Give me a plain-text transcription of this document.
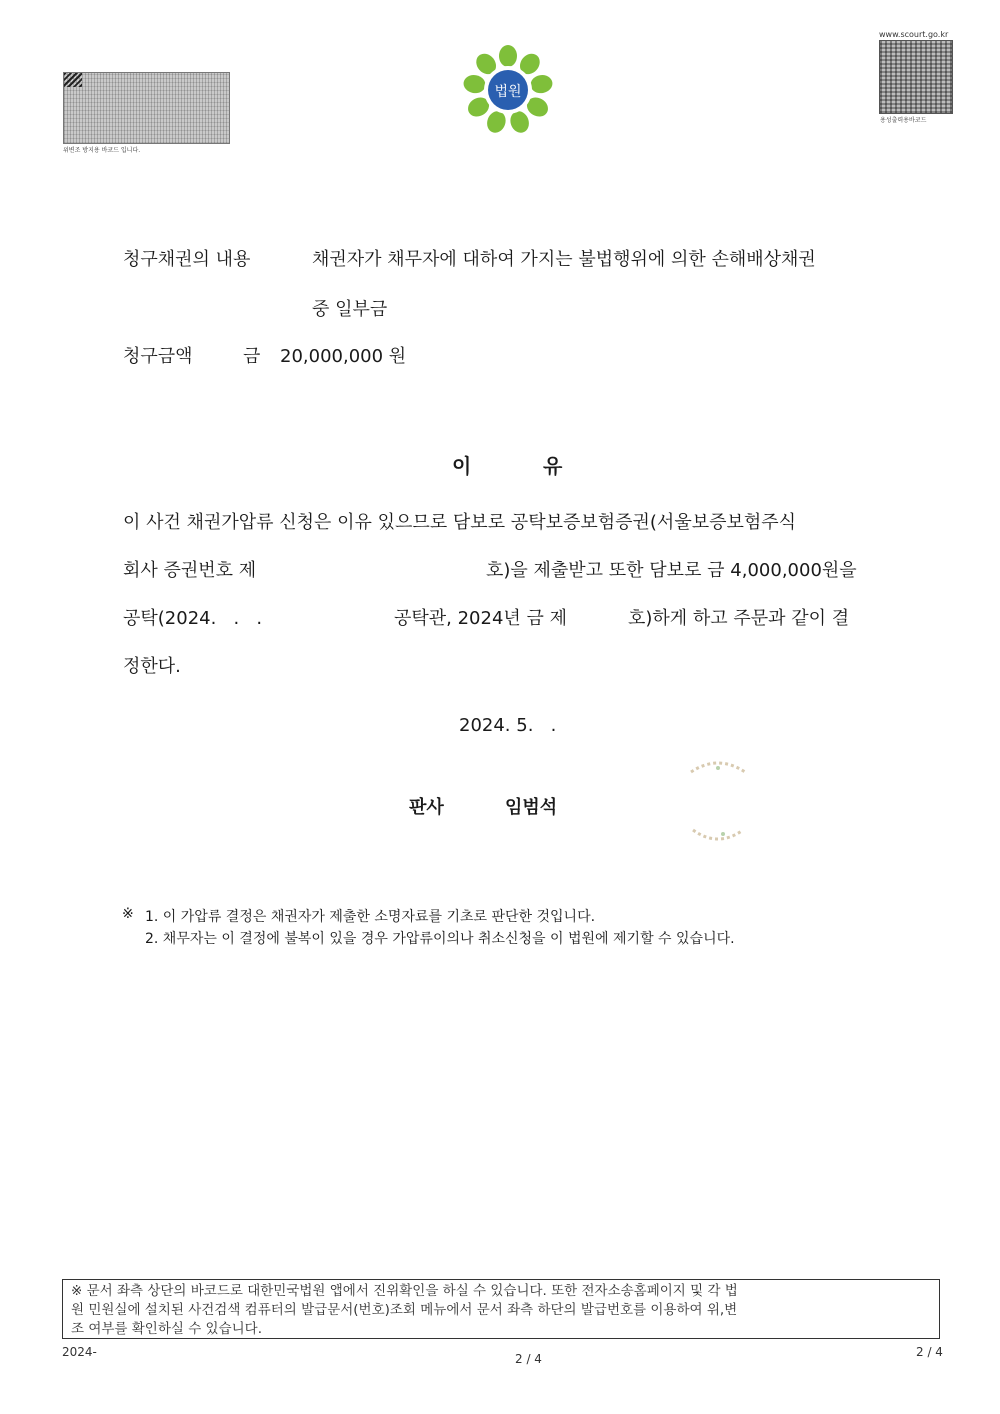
위변조 방지용 바코드 입니다.
www.scourt.go.kr
용성출력용바코드
법원
청구채권의 내용	채권자가 채무자에 대하여 가지는 불법행위에 의한 손해배상채권
중 일부금
청구금액	금 20,000,000 원
이	유
이 사건 채권가압류 신청은 이유 있으므로 담보로 공탁보증보험증권(서울보증보험주식
회사 증권번호 제	호)을 제출받고 또한 담보로 금 4,000,000원을
공탁(2024.   .   .	공탁관, 2024년 금 제	호)하게 하고 주문과 같이 결
정한다.
2024. 5.   .
판사	임범석
※ 1. 이 가압류 결정은 채권자가 제출한 소명자료를 기초로 판단한 것입니다.
2. 채무자는 이 결정에 불복이 있을 경우 가압류이의나 취소신청을 이 법원에 제기할 수 있습니다.
※ 문서 좌측 상단의 바코드로 대한민국법원 앱에서 진위확인을 하실 수 있습니다. 또한 전자소송홈페이지 및 각 법
원 민원실에 설치된 사건검색 컴퓨터의 발급문서(번호)조회 메뉴에서 문서 좌측 하단의 발급번호를 이용하여 위,변
조 여부를 확인하실 수 있습니다.
2024-	2 / 4	2 / 4
